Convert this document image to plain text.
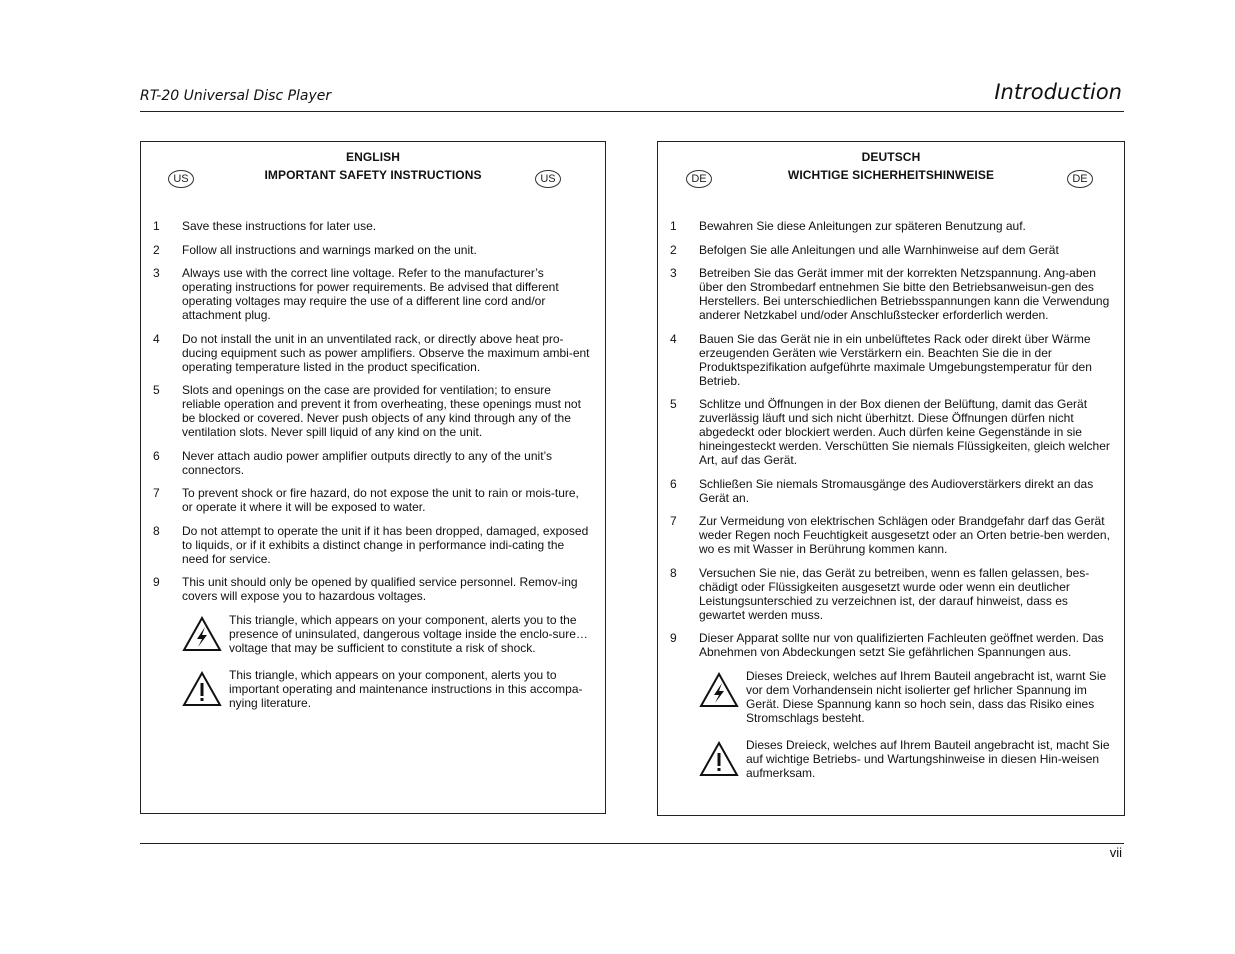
RT-20 Universal Disc Player	Introduction
ENGLISH
IMPORTANT SAFETY INSTRUCTIONS
US	US
1	Save these instructions for later use.
2	Follow all instructions and warnings marked on the unit.
3	Always use with the correct line voltage. Refer to the manufacturer’s operating instructions for power requirements. Be advised that different operating voltages may require the use of a different line cord and/or attachment plug.
4	Do not install the unit in an unventilated rack, or directly above heat pro-ducing equipment such as power amplifiers. Observe the maximum ambi-ent operating temperature listed in the product specification.
5	Slots and openings on the case are provided for ventilation; to ensure reliable operation and prevent it from overheating, these openings must not be blocked or covered. Never push objects of any kind through any of the ventilation slots. Never spill liquid of any kind on the unit.
6	Never attach audio power amplifier outputs directly to any of the unit’s connectors.
7	To prevent shock or fire hazard, do not expose the unit to rain or mois-ture, or operate it where it will be exposed to water.
8	Do not attempt to operate the unit if it has been dropped, damaged, exposed to liquids, or if it exhibits a distinct change in performance indi-cating the need for service.
9	This unit should only be opened by qualified service personnel. Remov-ing covers will expose you to hazardous voltages.
This triangle, which appears on your component, alerts you to the presence of uninsulated, dangerous voltage inside the enclo-sure…voltage that may be sufficient to constitute a risk of shock.
This triangle, which appears on your component, alerts you to important operating and maintenance instructions in this accompa-nying literature.
DEUTSCH
WICHTIGE SICHERHEITSHINWEISE
DE	DE
1	Bewahren Sie diese Anleitungen zur späteren Benutzung auf.
2	Befolgen Sie alle Anleitungen und alle Warnhinweise auf dem Gerät
3	Betreiben Sie das Gerät immer mit der korrekten Netzspannung. Ang-aben über den Strombedarf entnehmen Sie bitte den Betriebsanweisun-gen des Herstellers. Bei unterschiedlichen Betriebsspannungen kann die Verwendung anderer Netzkabel und/oder Anschlußstecker erforderlich werden.
4	Bauen Sie das Gerät nie in ein unbelüftetes Rack oder direkt über Wärme erzeugenden Geräten wie Verstärkern ein. Beachten Sie die in der Produktspezifikation aufgeführte maximale Umgebungstemperatur für den Betrieb.
5	Schlitze und Öffnungen in der Box dienen der Belüftung, damit das Gerät zuverlässig läuft und sich nicht überhitzt. Diese Öffnungen dürfen nicht abgedeckt oder blockiert werden. Auch dürfen keine Gegenstände in sie hineingesteckt werden. Verschütten Sie niemals Flüssigkeiten, gleich welcher Art, auf das Gerät.
6	Schließen Sie niemals Stromausgänge des Audioverstärkers direkt an das Gerät an.
7	Zur Vermeidung von elektrischen Schlägen oder Brandgefahr darf das Gerät weder Regen noch Feuchtigkeit ausgesetzt oder an Orten betrie-ben werden, wo es mit Wasser in Berührung kommen kann.
8	Versuchen Sie nie, das Gerät zu betreiben, wenn es fallen gelassen, bes-chädigt oder Flüssigkeiten ausgesetzt wurde oder wenn ein deutlicher Leistungsunterschied zu verzeichnen ist, der darauf hinweist, dass es gewartet werden muss.
9	Dieser Apparat sollte nur von qualifizierten Fachleuten geöffnet werden. Das Abnehmen von Abdeckungen setzt Sie gefährlichen Spannungen aus.
Dieses Dreieck, welches auf Ihrem Bauteil angebracht ist, warnt Sie vor dem Vorhandensein nicht isolierter gef hrlicher Spannung im Gerät. Diese Spannung kann so hoch sein, dass das Risiko eines Stromschlags besteht.
Dieses Dreieck, welches auf Ihrem Bauteil angebracht ist, macht Sie auf wichtige Betriebs- und Wartungshinweise in diesen Hin-weisen aufmerksam.
vii
